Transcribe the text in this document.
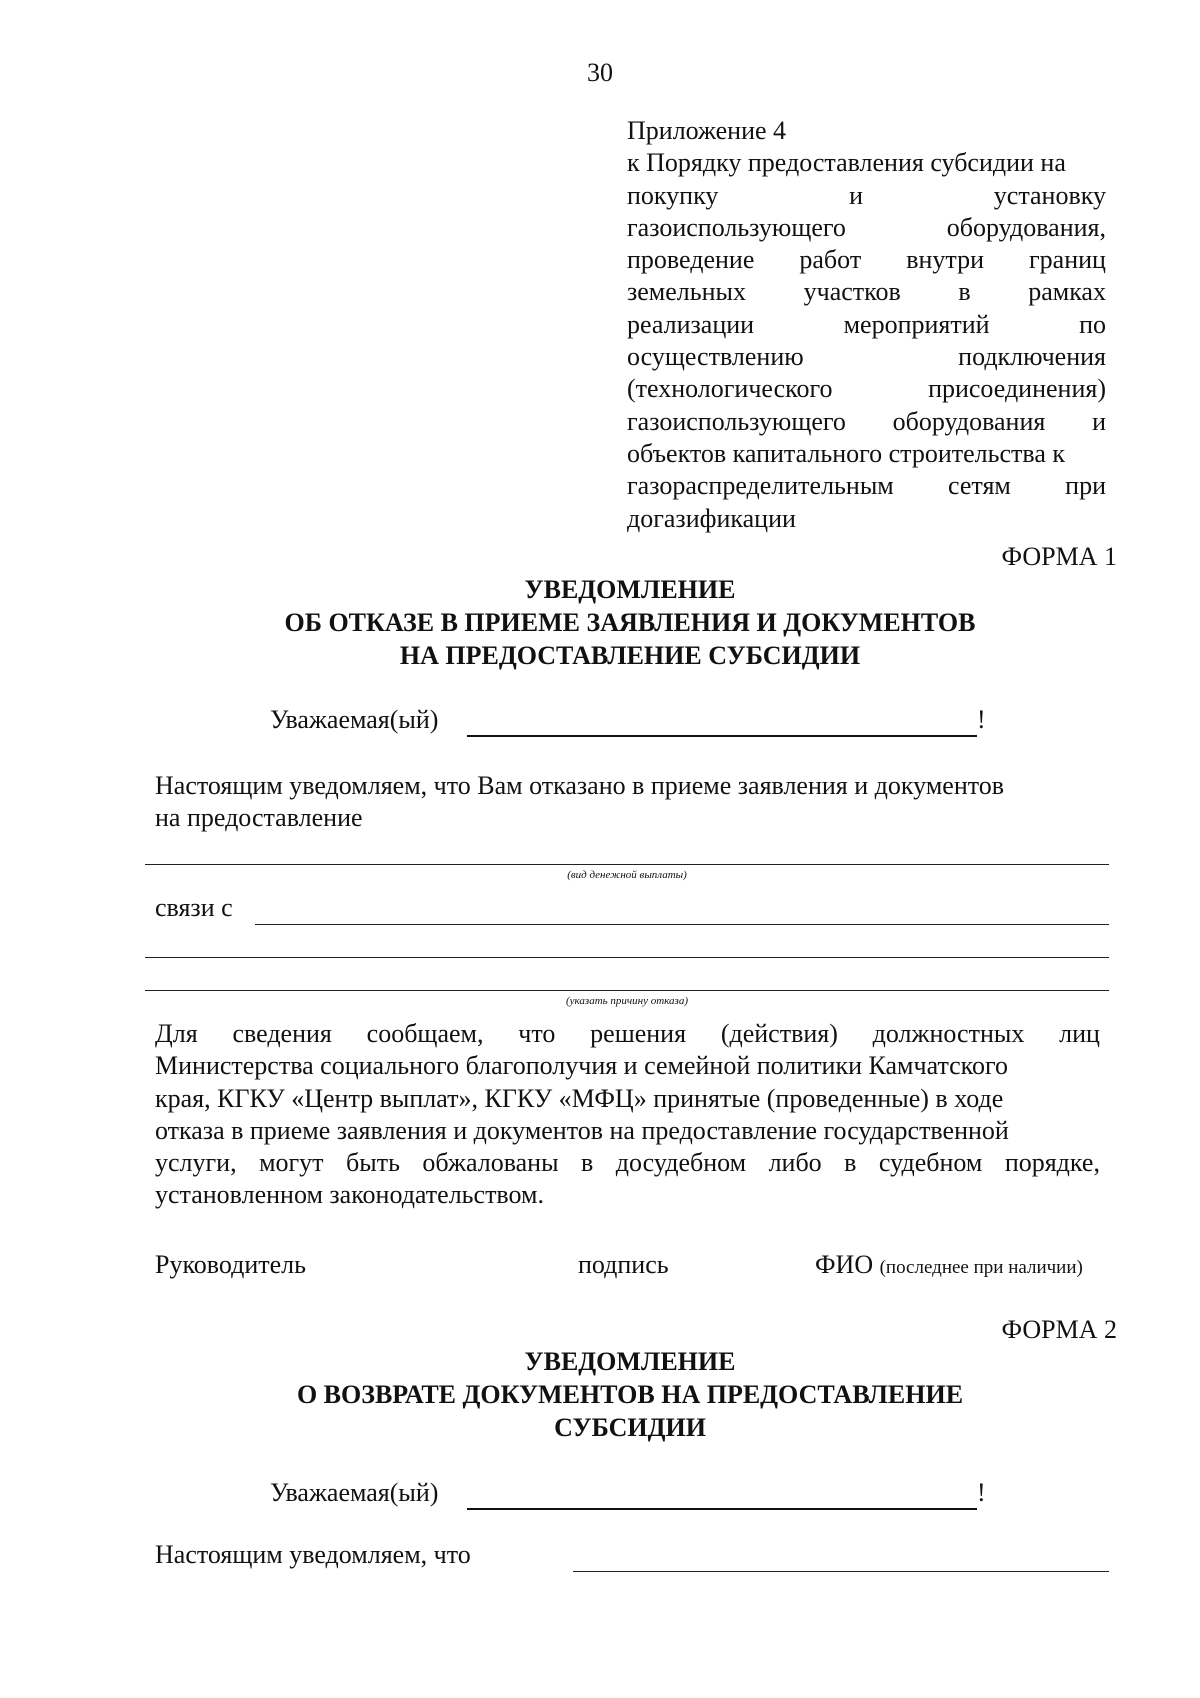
30
Приложение 4
к Порядку предоставления субсидии на
покупку	и	установку
газоиспользующего	оборудования,
проведение работ внутри границ
земельных участков в рамках
реализации	мероприятий	по
осуществлению	подключения
(технологического	присоединения)
газоиспользующего оборудования и
объектов капитального строительства к
газораспределительным сетям при
догазификации
ФОРМА 1
УВЕДОМЛЕНИЕ
ОБ ОТКАЗЕ В ПРИЕМЕ ЗАЯВЛЕНИЯ И ДОКУМЕНТОВ
НА ПРЕДОСТАВЛЕНИЕ СУБСИДИИ
Уважаемая(ый)	!
Настоящим уведомляем, что Вам отказано в приеме заявления и документов
на предоставление
(вид денежной выплаты)
связи с
(указать причину отказа)
Для сведения сообщаем, что решения (действия) должностных лиц
Министерства социального благополучия и семейной политики Камчатского
края, КГКУ «Центр выплат», КГКУ «МФЦ» принятые (проведенные) в ходе
отказа в приеме заявления и документов на предоставление государственной
услуги, могут быть обжалованы в досудебном либо в судебном порядке,
установленном законодательством.
Руководитель	подпись	ФИО (последнее при наличии)
ФОРМА 2
УВЕДОМЛЕНИЕ
О ВОЗВРАТЕ ДОКУМЕНТОВ НА ПРЕДОСТАВЛЕНИЕ
СУБСИДИИ
Уважаемая(ый)	!
Настоящим уведомляем, что
